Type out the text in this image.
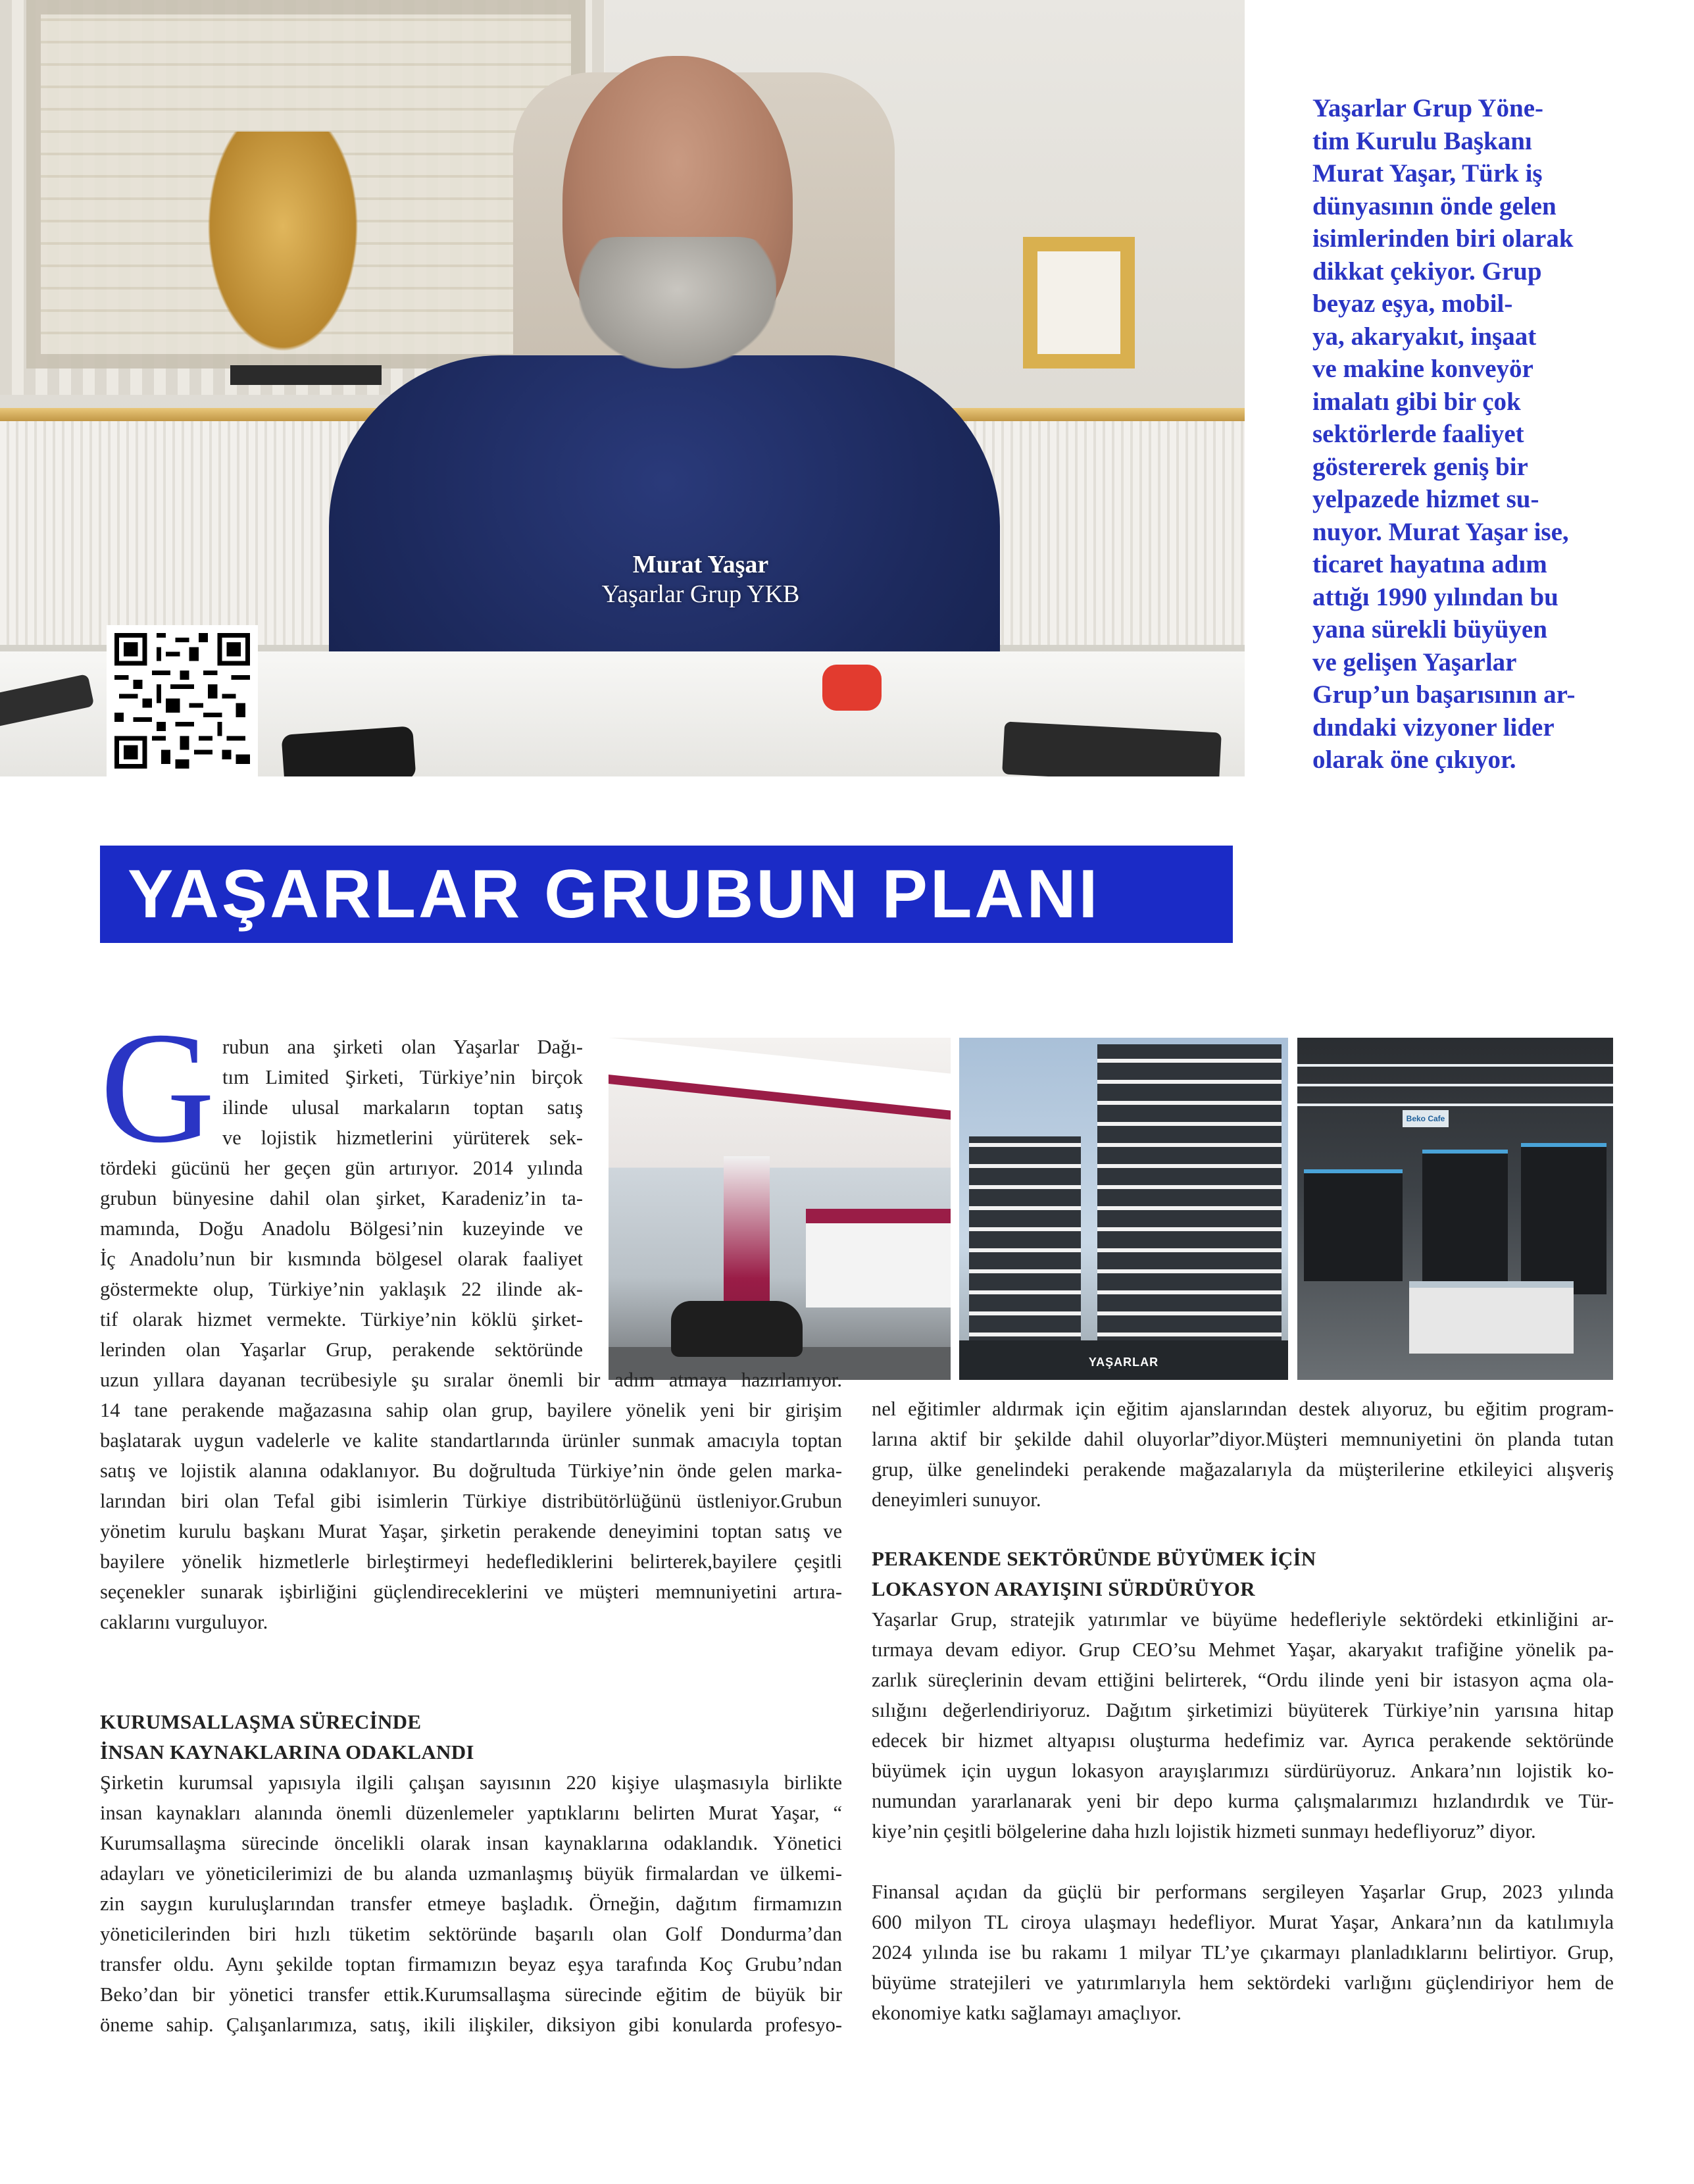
Murat Yaşar
Yaşarlar Grup YKB
Yaşarlar Grup Yöne-
tim Kurulu Başkanı
Murat Yaşar, Türk iş
dünyasının önde gelen
isimlerinden biri olarak
dikkat çekiyor. Grup
beyaz eşya, mobil-
ya, akaryakıt, inşaat
ve makine konveyör
imalatı gibi bir çok
sektörlerde faaliyet
göstererek geniş bir
yelpazede hizmet su-
nuyor. Murat Yaşar ise,
ticaret hayatına adım
attığı 1990 yılından bu
yana sürekli büyüyen
ve gelişen Yaşarlar
Grup’un başarısının ar-
dındaki vizyoner lider
olarak öne çıkıyor.
YAŞARLAR GRUBUN PLANI
YAŞARLAR
Beko Cafe
G rubun ana şirketi olan Yaşarlar Dağı-
tım Limited Şirketi, Türkiye’nin birçok
ilinde ulusal markaların toptan satış
ve lojistik hizmetlerini yürüterek sek-
tördeki gücünü her geçen gün artırıyor. 2014 yılında
grubun bünyesine dahil olan şirket, Karadeniz’in ta-
mamında, Doğu Anadolu Bölgesi’nin kuzeyinde ve
İç Anadolu’nun bir kısmında bölgesel olarak faaliyet
göstermekte olup, Türkiye’nin yaklaşık 22 ilinde ak-
tif olarak hizmet vermekte. Türkiye’nin köklü şirket-
lerinden olan Yaşarlar Grup, perakende sektöründe
uzun yıllara dayanan tecrübesiyle şu sıralar önemli bir adım atmaya hazırlanıyor.
14 tane perakende mağazasına sahip olan grup, bayilere yönelik yeni bir girişim
başlatarak uygun vadelerle ve kalite standartlarında ürünler sunmak amacıyla toptan
satış ve lojistik alanına odaklanıyor. Bu doğrultuda Türkiye’nin önde gelen marka-
larından biri olan Tefal gibi isimlerin Türkiye distribütörlüğünü üstleniyor.Grubun
yönetim kurulu başkanı Murat Yaşar, şirketin perakende deneyimini toptan satış ve
bayilere yönelik hizmetlerle birleştirmeyi hedeflediklerini belirterek,bayilere çeşitli
seçenekler sunarak işbirliğini güçlendireceklerini ve müşteri memnuniyetini artıra-
caklarını vurguluyor.
KURUMSALLAŞMA SÜRECİNDE
İNSAN KAYNAKLARINA ODAKLANDI
Şirketin kurumsal yapısıyla ilgili çalışan sayısının 220 kişiye ulaşmasıyla birlikte
insan kaynakları alanında önemli düzenlemeler yaptıklarını belirten Murat Yaşar, “
Kurumsallaşma sürecinde öncelikli olarak insan kaynaklarına odaklandık. Yönetici
adayları ve yöneticilerimizi de bu alanda uzmanlaşmış büyük firmalardan ve ülkemi-
zin saygın kuruluşlarından transfer etmeye başladık. Örneğin, dağıtım firmamızın
yöneticilerinden biri hızlı tüketim sektöründe başarılı olan Golf Dondurma’dan
transfer oldu. Aynı şekilde toptan firmamızın beyaz eşya tarafında Koç Grubu’ndan
Beko’dan bir yönetici transfer ettik.Kurumsallaşma sürecinde eğitim de büyük bir
öneme sahip. Çalışanlarımıza, satış, ikili ilişkiler, diksiyon gibi konularda profesyo-
nel eğitimler aldırmak için eğitim ajanslarından destek alıyoruz, bu eğitim program-
larına aktif bir şekilde dahil oluyorlar”diyor.Müşteri memnuniyetini ön planda tutan
grup, ülke genelindeki perakende mağazalarıyla da müşterilerine etkileyici alışveriş
deneyimleri sunuyor.
PERAKENDE SEKTÖRÜNDE BÜYÜMEK İÇİN
LOKASYON ARAYIŞINI SÜRDÜRÜYOR
Yaşarlar Grup, stratejik yatırımlar ve büyüme hedefleriyle sektördeki etkinliğini ar-
tırmaya devam ediyor. Grup CEO’su Mehmet Yaşar, akaryakıt trafiğine yönelik pa-
zarlık süreçlerinin devam ettiğini belirterek, “Ordu ilinde yeni bir istasyon açma ola-
sılığını değerlendiriyoruz. Dağıtım şirketimizi büyüterek Türkiye’nin yarısına hitap
edecek bir hizmet altyapısı oluşturma hedefimiz var. Ayrıca perakende sektöründe
büyümek için uygun lokasyon arayışlarımızı sürdürüyoruz. Ankara’nın lojistik ko-
numundan yararlanarak yeni bir depo kurma çalışmalarımızı hızlandırdık ve Tür-
kiye’nin çeşitli bölgelerine daha hızlı lojistik hizmeti sunmayı hedefliyoruz” diyor.
Finansal açıdan da güçlü bir performans sergileyen Yaşarlar Grup, 2023 yılında
600 milyon TL ciroya ulaşmayı hedefliyor. Murat Yaşar, Ankara’nın da katılımıyla
2024 yılında ise bu rakamı 1 milyar TL’ye çıkarmayı planladıklarını belirtiyor. Grup,
büyüme stratejileri ve yatırımlarıyla hem sektördeki varlığını güçlendiriyor hem de
ekonomiye katkı sağlamayı amaçlıyor.
